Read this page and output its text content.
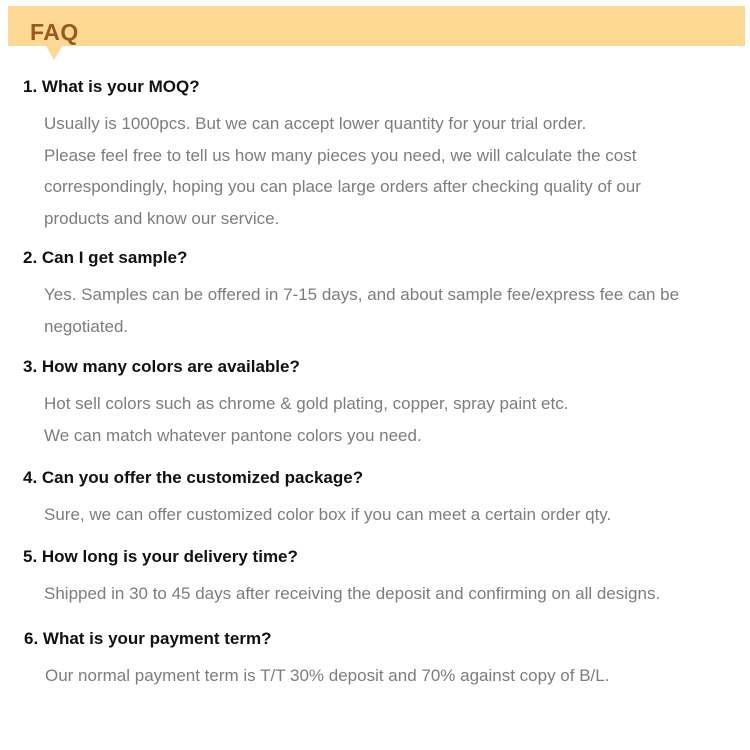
FAQ
1. What is your MOQ?
Usually is 1000pcs. But we can accept lower quantity for your trial order.
Please feel free to tell us how many pieces you need, we will calculate the cost
correspondingly, hoping you can place large orders after checking quality of our
products and know our service.
2. Can I get sample?
Yes. Samples can be offered in 7-15 days, and about sample fee/express fee can be
negotiated.
3. How many colors are available?
Hot sell colors such as chrome & gold plating, copper, spray paint etc.
We can match whatever pantone colors you need.
4. Can you offer the customized package?
Sure, we can offer customized color box if you can meet a certain order qty.
5. How long is your delivery time?
Shipped in 30 to 45 days after receiving the deposit and confirming on all designs.
6. What is your payment term?
Our normal payment term is T/T 30% deposit and 70% against copy of B/L.
